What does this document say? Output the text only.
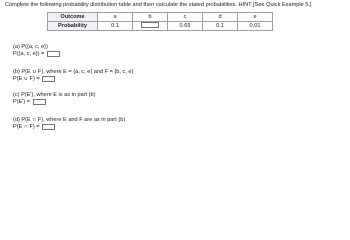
Complete the following probability distribution table and then calculate the stated probabilities. HINT [See Quick Example 5.]

Outcome	a	b	c	d	e
Probability	0.1		0.69	0.1	0.01
(a) P({a, c, e})
P({a, c, e}) =
(b) P(E ∪ F), where E = {a, c, e} and F = {b, c, e}
P(E ∪ F) =
(c) P(E′), where E is as in part (b)
P(E′) =
(d) P(E ∩ F), where E and F are as in part (b)
P(E ∩ F) =
